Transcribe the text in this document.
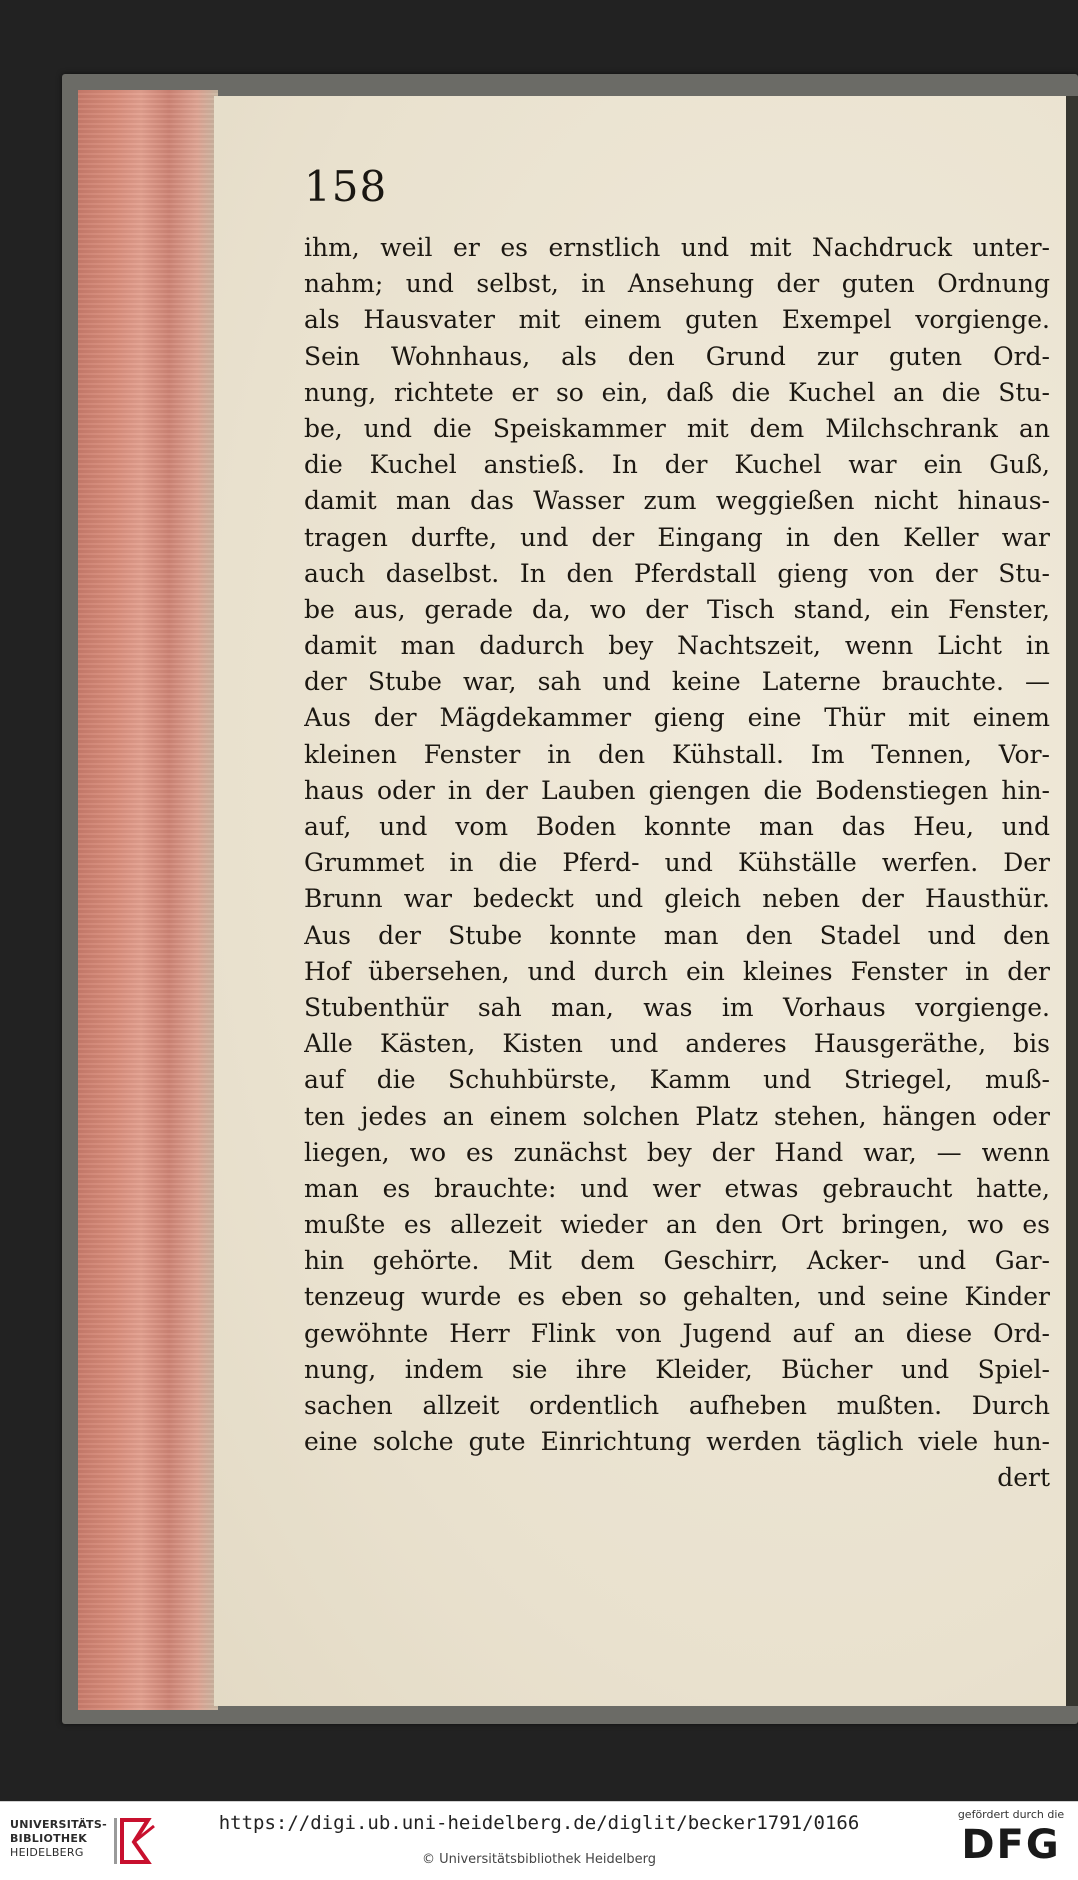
158
ihm, weil er es ernstlich und mit Nachdruck unter-
nahm; und selbst, in Ansehung der guten Ordnung
als Hausvater mit einem guten Exempel vorgienge.
Sein Wohnhaus, als den Grund zur guten Ord-
nung, richtete er so ein, daß die Kuchel an die Stu-
be, und die Speiskammer mit dem Milchschrank an
die Kuchel anstieß. In der Kuchel war ein Guß,
damit man das Wasser zum weggießen nicht hinaus-
tragen durfte, und der Eingang in den Keller war
auch daselbst. In den Pferdstall gieng von der Stu-
be aus, gerade da, wo der Tisch stand, ein Fenster,
damit man dadurch bey Nachtszeit, wenn Licht in
der Stube war, sah und keine Laterne brauchte. —
Aus der Mägdekammer gieng eine Thür mit einem
kleinen Fenster in den Kühstall. Im Tennen, Vor-
haus oder in der Lauben giengen die Bodenstiegen hin-
auf, und vom Boden konnte man das Heu, und
Grummet in die Pferd- und Kühställe werfen. Der
Brunn war bedeckt und gleich neben der Hausthür.
Aus der Stube konnte man den Stadel und den
Hof übersehen, und durch ein kleines Fenster in der
Stubenthür sah man, was im Vorhaus vorgienge.
Alle Kästen, Kisten und anderes Hausgeräthe, bis
auf die Schuhbürste, Kamm und Striegel, muß-
ten jedes an einem solchen Platz stehen, hängen oder
liegen, wo es zunächst bey der Hand war, — wenn
man es brauchte: und wer etwas gebraucht hatte,
mußte es allezeit wieder an den Ort bringen, wo es
hin gehörte. Mit dem Geschirr, Acker- und Gar-
tenzeug wurde es eben so gehalten, und seine Kinder
gewöhnte Herr Flink von Jugend auf an diese Ord-
nung, indem sie ihre Kleider, Bücher und Spiel-
sachen allzeit ordentlich aufheben mußten. Durch
eine solche gute Einrichtung werden täglich viele hun-
dert
UNIVERSITÄTS-
BIBLIOTHEK
HEIDELBERG
https://digi.ub.uni-heidelberg.de/diglit/becker1791/0166
© Universitätsbibliothek Heidelberg
gefördert durch die
DFG
